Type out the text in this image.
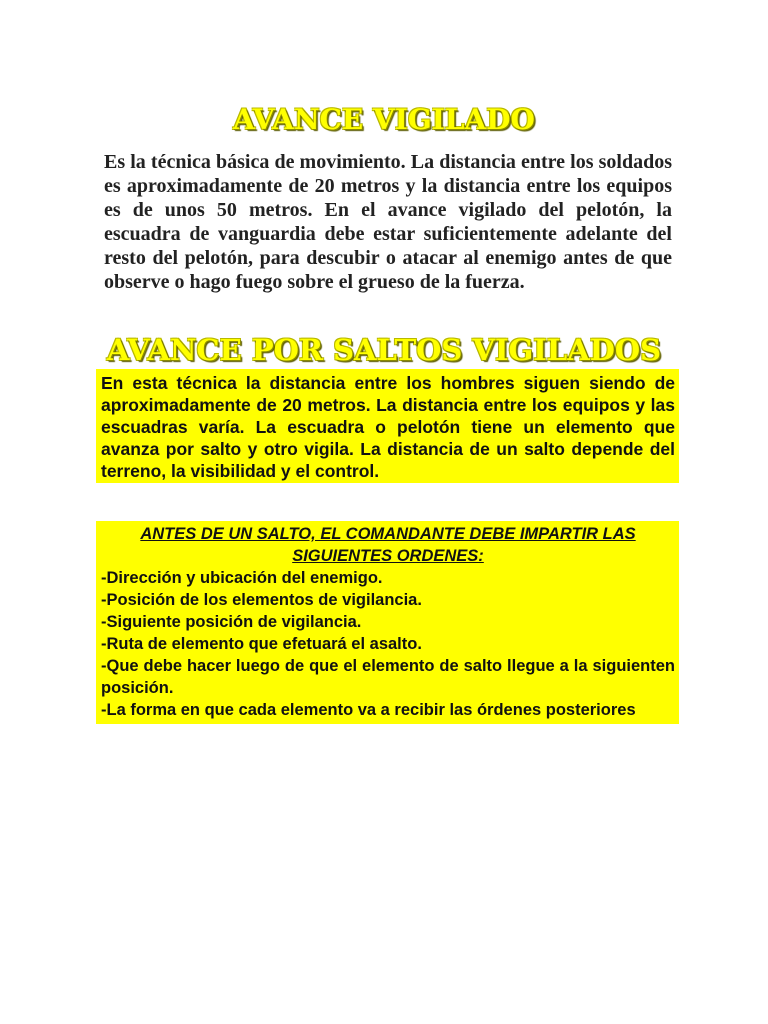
AVANCE VIGILADO

Es la técnica básica de movimiento. La distancia entre los soldados es aproximadamente de 20 metros y la distancia entre los equipos es de unos 50 metros. En el avance vigilado del pelotón, la escuadra de vanguardia debe estar suficientemente adelante del resto del pelotón, para descubir o atacar al enemigo antes de que observe o hago fuego sobre el grueso de la fuerza.

AVANCE POR SALTOS VIGILADOS

En esta técnica la distancia entre los hombres siguen siendo de aproximadamente de 20 metros. La distancia entre los equipos y las escuadras varía. La escuadra o pelotón tiene un elemento que avanza por salto y otro vigila. La distancia de un salto depende del terreno, la visibilidad y el control.

ANTES DE UN SALTO, EL COMANDANTE DEBE IMPARTIR LAS SIGUIENTES ORDENES:

-Dirección y ubicación del enemigo.

-Posición de los elementos de vigilancia.

-Siguiente posición de vigilancia.

-Ruta de elemento que efetuará el asalto.

-Que debe hacer luego de que el elemento de salto llegue a la siguienten posición.

-La forma en que cada elemento va a recibir las órdenes posteriores
